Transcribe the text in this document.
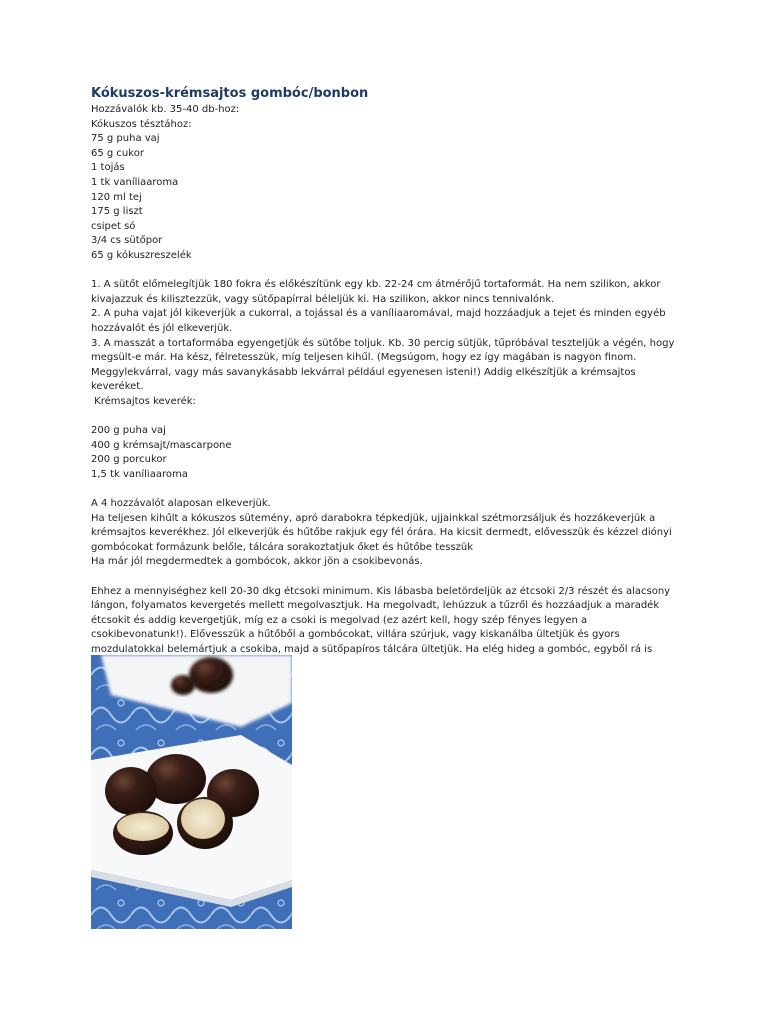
Kókuszos-krémsajtos gombóc/bonbon

Hozzávalók kb. 35-40 db-hoz:

Kókuszos tésztához:

75 g puha vaj

65 g cukor

1 tojás

1 tk vaníliaaroma

120 ml tej

175 g liszt

csipet só

3/4 cs sütőpor

65 g kókuszreszelék

1. A sütőt előmelegítjük 180 fokra és előkészítünk egy kb. 22-24 cm átmérőjű tortaformát. Ha nem szilikon, akkor kivajazzuk és kilisztezzük, vagy sütőpapírral béleljük ki. Ha szilikon, akkor nincs tennivalónk.

2. A puha vajat jól kikeverjük a cukorral, a tojással és a vaníliaaromával, majd hozzáadjuk a tejet és minden egyéb hozzávalót és jól elkeverjük.

3. A masszát a tortaformába egyengetjük és sütőbe toljuk. Kb. 30 percig sütjük, tűpróbával teszteljük a végén, hogy megsült-e már. Ha kész, félretesszük, míg teljesen kihűl. (Megsúgom, hogy ez így magában is nagyon finom. Meggylekvárral, vagy más savanykásabb lekvárral például egyenesen isteni!) Addig elkészítjük a krémsajtos keveréket.

Krémsajtos keverék:

200 g puha vaj

400 g krémsajt/mascarpone

200 g porcukor

1,5 tk vaníliaaroma

A 4 hozzávalót alaposan elkeverjük.

Ha teljesen kihűlt a kókuszos sütemény, apró darabokra tépkedjük, ujjainkkal szétmorzsáljuk és hozzákeverjük a krémsajtos keverékhez. Jól elkeverjük és hűtőbe rakjuk egy fél órára. Ha kicsit dermedt, elővesszük és kézzel diónyi gombócokat formázunk belőle, tálcára sorakoztatjuk őket és hűtőbe tesszük

Ha már jól megdermedtek a gombócok, akkor jön a csokibevonás.

Ehhez a mennyiséghez kell 20-30 dkg étcsoki minimum. Kis lábasba beletördeljük az étcsoki 2/3 részét és alacsony lángon, folyamatos kevergetés mellett megolvasztjuk. Ha megolvadt, lehúzzuk a tűzről és hozzáadjuk a maradék étcsokit és addig kevergetjük, míg ez a csoki is megolvad (ez azért kell, hogy szép fényes legyen a csokibevonatunk!). Elővesszük a hűtőből a gombócokat, villára szúrjuk, vagy kiskanálba ültetjük és gyors mozdulatokkal belemártjuk a csokiba, majd a sütőpapíros tálcára ültetjük. Ha elég hideg a gombóc, egyből rá is
